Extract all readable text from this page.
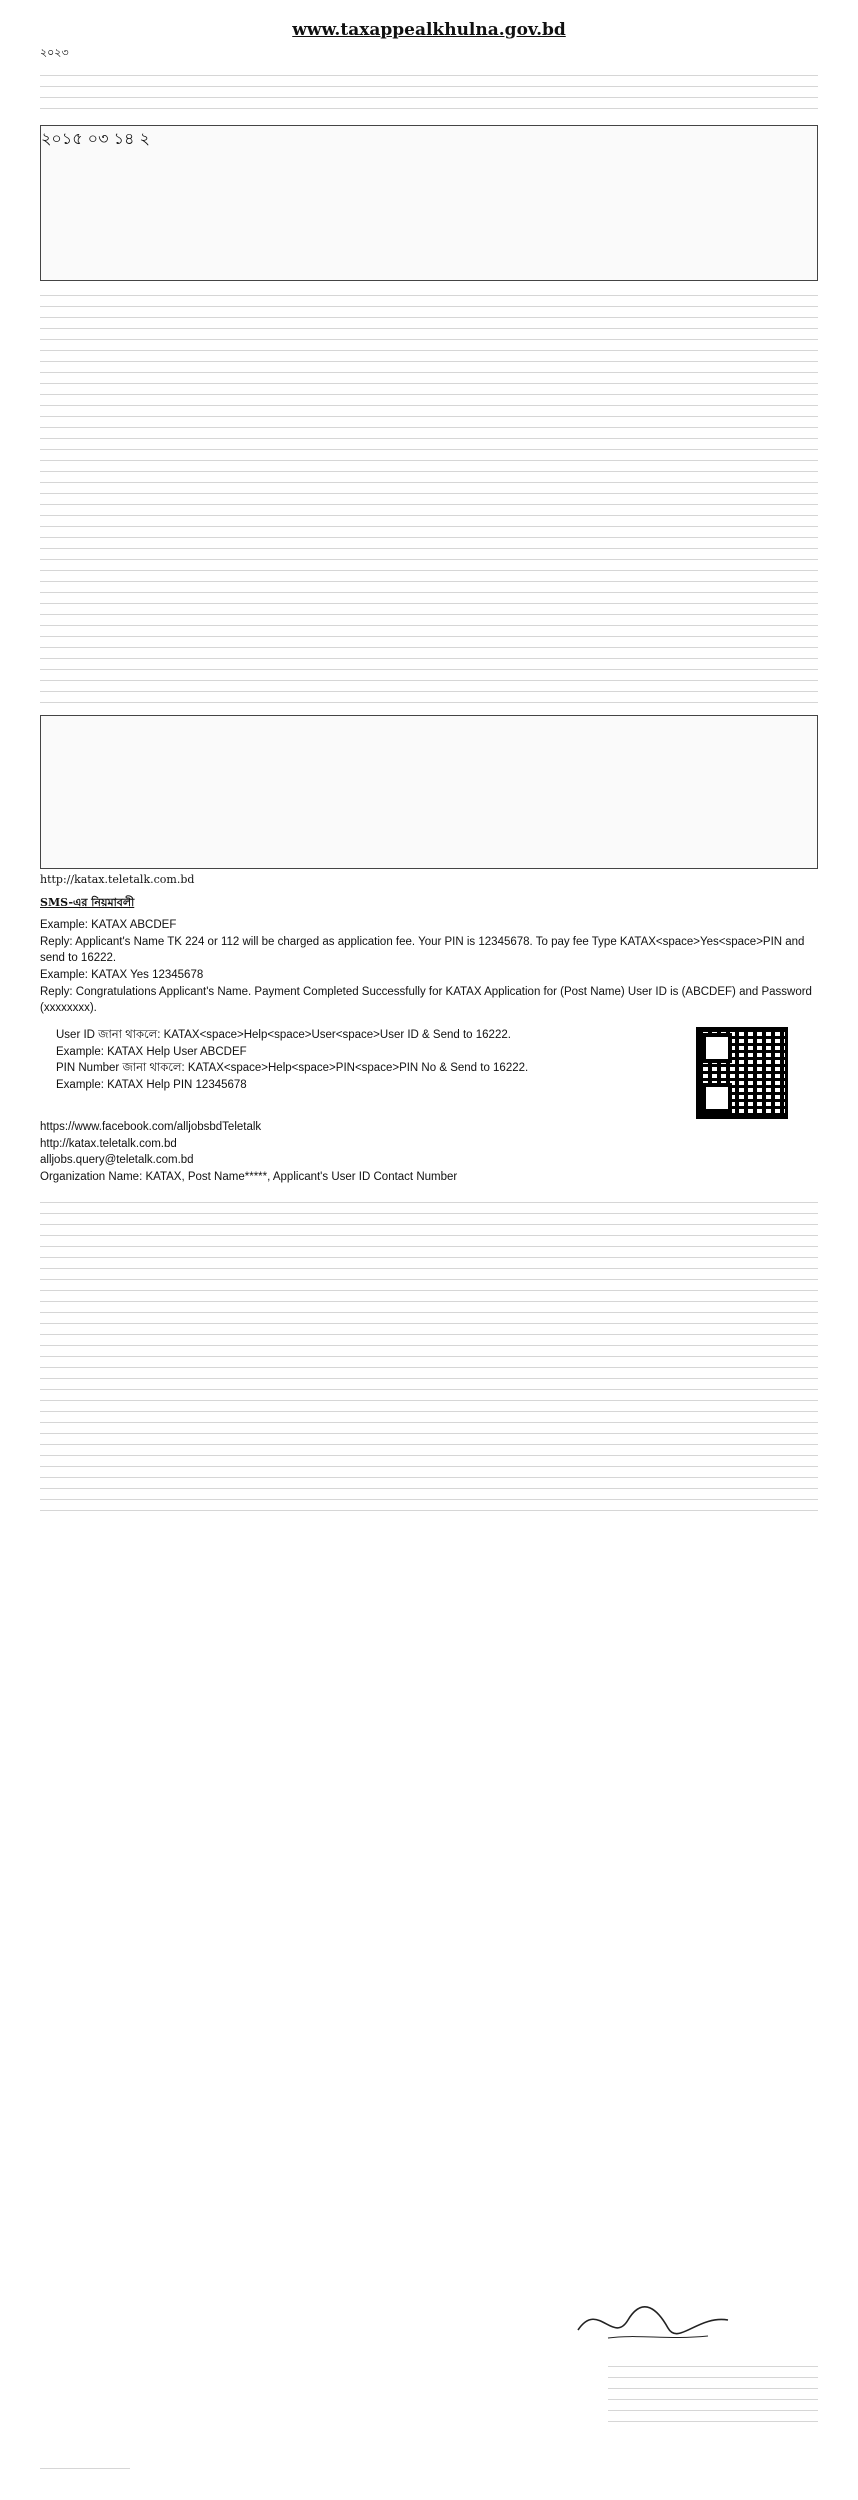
www.taxappealkhulna.gov.bd
২০২৩
২০১৫ ০৩ ১৪ ২
http://katax.teletalk.com.bd
SMS-এর নিয়মাবলী
Example: KATAX ABCDEF
Reply: Applicant's Name TK 224 or 112 will be charged as application fee. Your PIN is 12345678. To pay fee Type KATAX<space>Yes<space>PIN and send to 16222.
Example: KATAX Yes 12345678
Reply: Congratulations Applicant's Name. Payment Completed Successfully for KATAX Application for (Post Name) User ID is (ABCDEF) and Password (xxxxxxxx).
User ID জানা থাকলে: KATAX<space>Help<space>User<space>User ID & Send to 16222.
Example: KATAX Help User ABCDEF
PIN Number জানা থাকলে: KATAX<space>Help<space>PIN<space>PIN No & Send to 16222.
Example: KATAX Help PIN 12345678
https://www.facebook.com/alljobsbdTeletalk
http://katax.teletalk.com.bd
alljobs.query@teletalk.com.bd
Organization Name: KATAX, Post Name*****, Applicant's User ID Contact Number
